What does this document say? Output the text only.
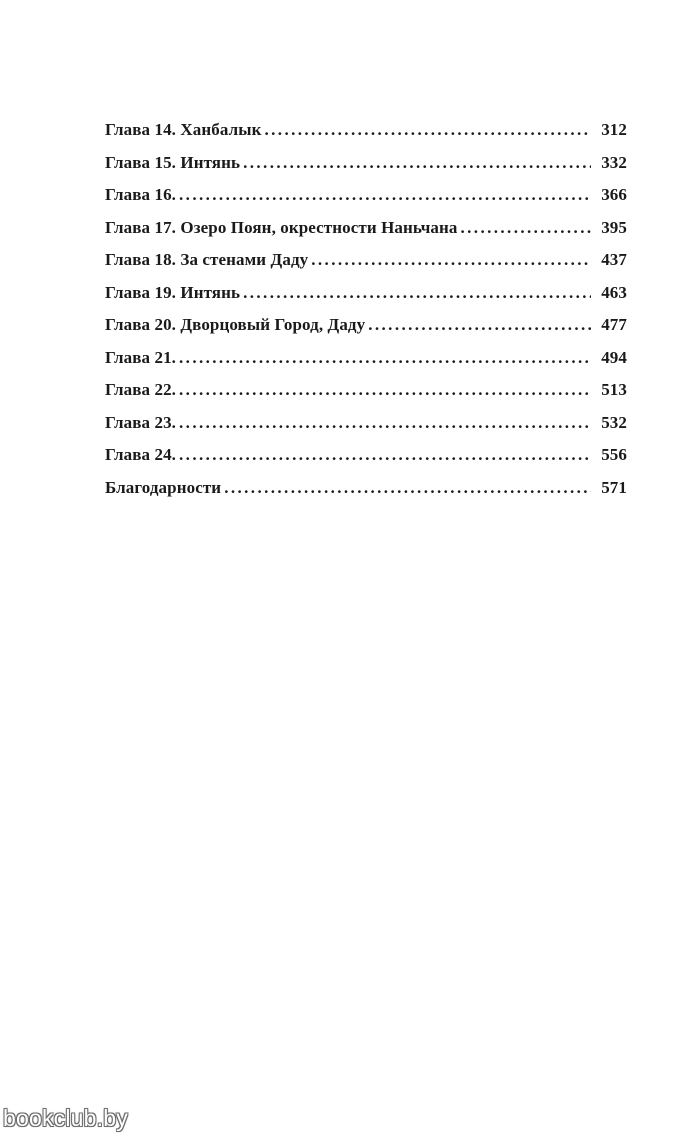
Глава 14. Ханбалык .....	312
Глава 15. Интянь .....	332
Глава 16. .....	366
Глава 17. Озеро Поян, окрестности Наньчана .....	395
Глава 18. За стенами Даду .....	437
Глава 19. Интянь .....	463
Глава 20. Дворцовый Город, Даду .....	477
Глава 21. .....	494
Глава 22. .....	513
Глава 23. .....	532
Глава 24. .....	556
Благодарности .....	571
bookclub.by
